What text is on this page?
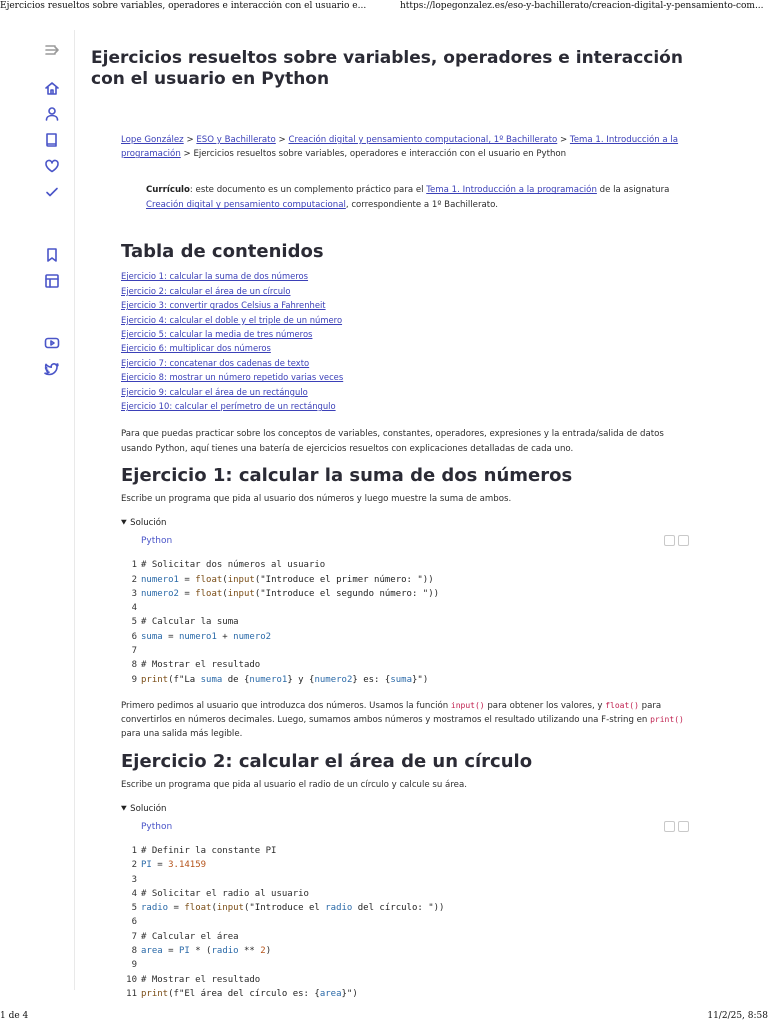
Ejercicios resueltos sobre variables, operadores e interacción con el usuario e...	https://lopegonzalez.es/eso-y-bachillerato/creacion-digital-y-pensamiento-com...
Ejercicios resueltos sobre variables, operadores e interacción con el usuario en Python

Lope González > ESO y Bachillerato > Creación digital y pensamiento computacional, 1º Bachillerato > Tema 1. Introducción a la programación > Ejercicios resueltos sobre variables, operadores e interacción con el usuario en Python

Currículo: este documento es un complemento práctico para el Tema 1. Introducción a la programación de la asignatura Creación digital y pensamiento computacional, correspondiente a 1º Bachillerato.

Tabla de contenidos
Ejercicio 1: calcular la suma de dos números
Ejercicio 2: calcular el área de un círculo
Ejercicio 3: convertir grados Celsius a Fahrenheit
Ejercicio 4: calcular el doble y el triple de un número
Ejercicio 5: calcular la media de tres números
Ejercicio 6: multiplicar dos números
Ejercicio 7: concatenar dos cadenas de texto
Ejercicio 8: mostrar un número repetido varias veces
Ejercicio 9: calcular el área de un rectángulo
Ejercicio 10: calcular el perímetro de un rectángulo

Para que puedas practicar sobre los conceptos de variables, constantes, operadores, expresiones y la entrada/salida de datos usando Python, aquí tienes una batería de ejercicios resueltos con explicaciones detalladas de cada uno.

Ejercicio 1: calcular la suma de dos números

Escribe un programa que pida al usuario dos números y luego muestre la suma de ambos.

Solución
Python
1 # Solicitar dos números al usuario
2 numero1 = float(input("Introduce el primer número: "))
3 numero2 = float(input("Introduce el segundo número: "))
4
5 # Calcular la suma
6 suma = numero1 + numero2
7
8 # Mostrar el resultado
9 print(f"La suma de {numero1} y {numero2} es: {suma}")

Primero pedimos al usuario que introduzca dos números. Usamos la función input() para obtener los valores, y float() para convertirlos en números decimales. Luego, sumamos ambos números y mostramos el resultado utilizando una F-string en print() para una salida más legible.

Ejercicio 2: calcular el área de un círculo

Escribe un programa que pida al usuario el radio de un círculo y calcule su área.

Solución
Python
1 # Definir la constante PI
2 PI = 3.14159
3
4 # Solicitar el radio al usuario
5 radio = float(input("Introduce el radio del círculo: "))
6
7 # Calcular el área
8 area = PI * (radio ** 2)
9
10 # Mostrar el resultado
11 print(f"El área del círculo es: {area}")
1 de 4	11/2/25, 8:58
